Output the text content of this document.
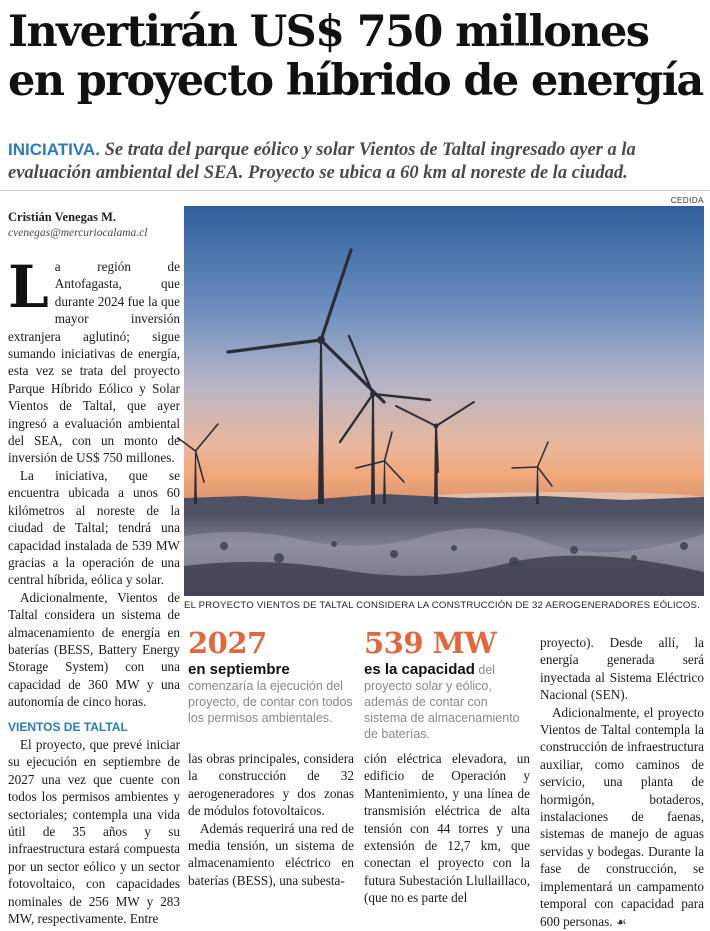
Invertirán US$ 750 millones
en proyecto híbrido de energía

INICIATIVA. Se trata del parque eólico y solar Vientos de Taltal ingresado ayer a la evaluación ambiental del SEA. Proyecto se ubica a 60 km al noreste de la ciudad.

Cristián Venegas M.
cvenegas@mercuriocalama.cl

La región de Antofagasta, que durante 2024 fue la que mayor inversión extranjera aglutinó; sigue sumando iniciativas de energía, esta vez se trata del proyecto Parque Híbrido Eólico y Solar Vientos de Taltal, que ayer ingresó a evaluación ambiental del SEA, con un monto de inversión de US$ 750 millones.

La iniciativa, que se encuentra ubicada a unos 60 kilómetros al noreste de la ciudad de Taltal; tendrá una capacidad instalada de 539 MW gracias a la operación de una central híbrida, eólica y solar.

Adicionalmente, Vientos de Taltal considera un sistema de almacenamiento de energía en baterías (BESS, Battery Energy Storage System) con una capacidad de 360 MW y una autonomía de cinco horas.

VIENTOS DE TALTAL

El proyecto, que prevé iniciar su ejecución en septiembre de 2027 una vez que cuente con todos los permisos ambientes y sectoriales; contempla una vida útil de 35 años y su infraestructura estará compuesta por un sector eólico y un sector fotovoltaico, con capacidades nominales de 256 MW y 283 MW, respectivamente. Entre

CEDIDA

EL PROYECTO VIENTOS DE TALTAL CONSIDERA LA CONSTRUCCIÓN DE 32 AEROGENERADORES EÓLICOS.

2027
en septiembre comenzaría la ejecución del proyecto, de contar con todos los permisos ambientales.
539 MW
es la capacidad del proyecto solar y eólico, además de contar con sistema de almacenamiento de baterías.

las obras principales, considera la construcción de 32 aerogeneradores y dos zonas de módulos fotovoltaicos.

Además requerirá una red de media tensión, un sistema de almacenamiento eléctrico en baterías (BESS), una subesta-

ción eléctrica elevadora, un edificio de Operación y Mantenimiento, y una línea de transmisión eléctrica de alta tensión con 44 torres y una extensión de 12,7 km, que conectan el proyecto con la futura Subestación Llullaillaco, (que no es parte del

proyecto). Desde allí, la energía generada será inyectada al Sistema Eléctrico Nacional (SEN).

Adicionalmente, el proyecto Vientos de Taltal contempla la construcción de infraestructura auxiliar, como caminos de servicio, una planta de hormigón, botaderos, instalaciones de faenas, sistemas de manejo de aguas servidas y bodegas. Durante la fase de construcción, se implementará un campamento temporal con capacidad para 600 personas. ☙
